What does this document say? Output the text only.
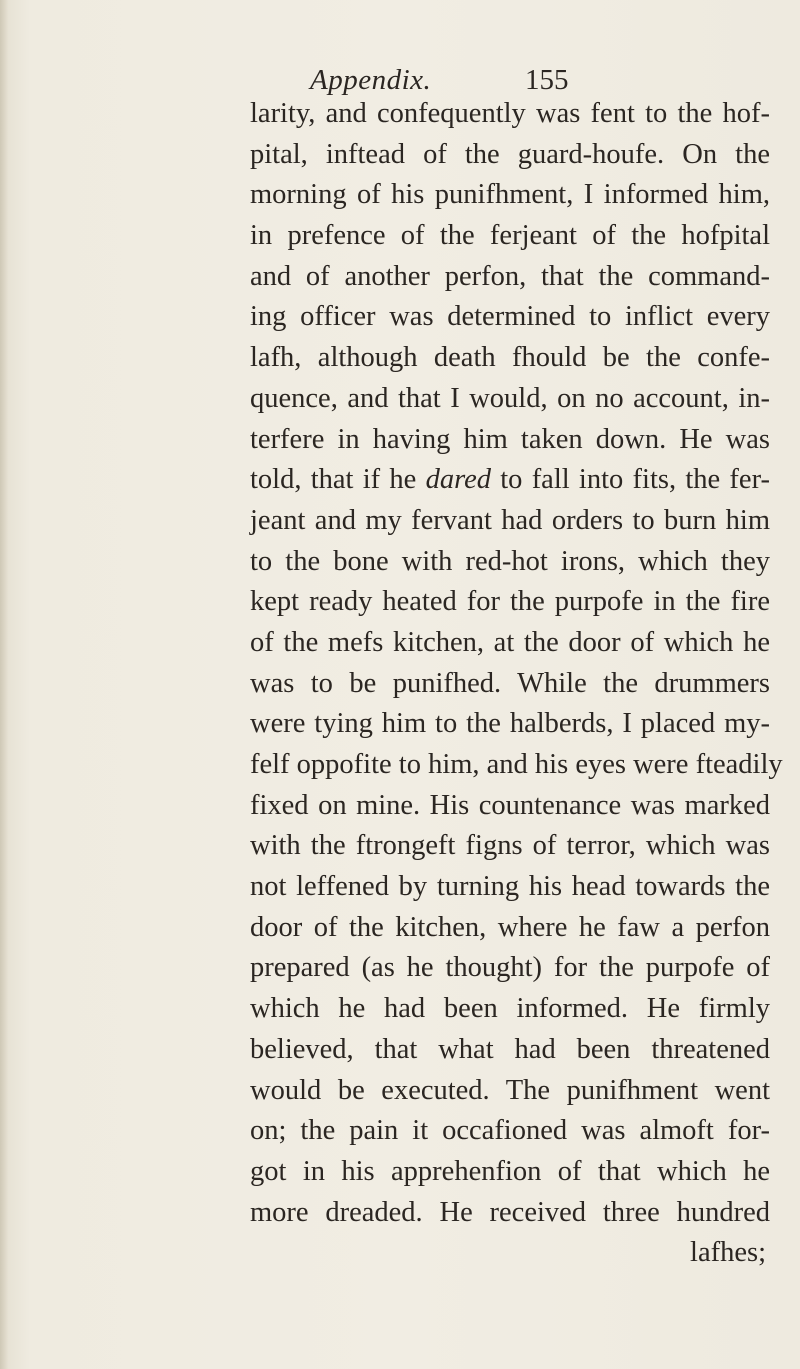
Appendix.	155
larity, and confequently was fent to the hof-
pital, inftead of the guard-houfe. On the
morning of his punifhment, I informed him,
in prefence of the ferjeant of the hofpital
and of another perfon, that the command-
ing officer was determined to inflict every
lafh, although death fhould be the confe-
quence, and that I would, on no account, in-
terfere in having him taken down. He was
told, that if he dared to fall into fits, the fer-
jeant and my fervant had orders to burn him
to the bone with red-hot irons, which they
kept ready heated for the purpofe in the fire
of the mefs kitchen, at the door of which he
was to be punifhed. While the drummers
were tying him to the halberds, I placed my-
felf oppofite to him, and his eyes were fteadily
fixed on mine. His countenance was marked
with the ftrongeft figns of terror, which was
not leffened by turning his head towards the
door of the kitchen, where he faw a perfon
prepared (as he thought) for the purpofe of
which he had been informed. He firmly
believed, that what had been threatened
would be executed. The punifhment went
on; the pain it occafioned was almoft for-
got in his apprehenfion of that which he
more dreaded. He received three hundred
lafhes;
